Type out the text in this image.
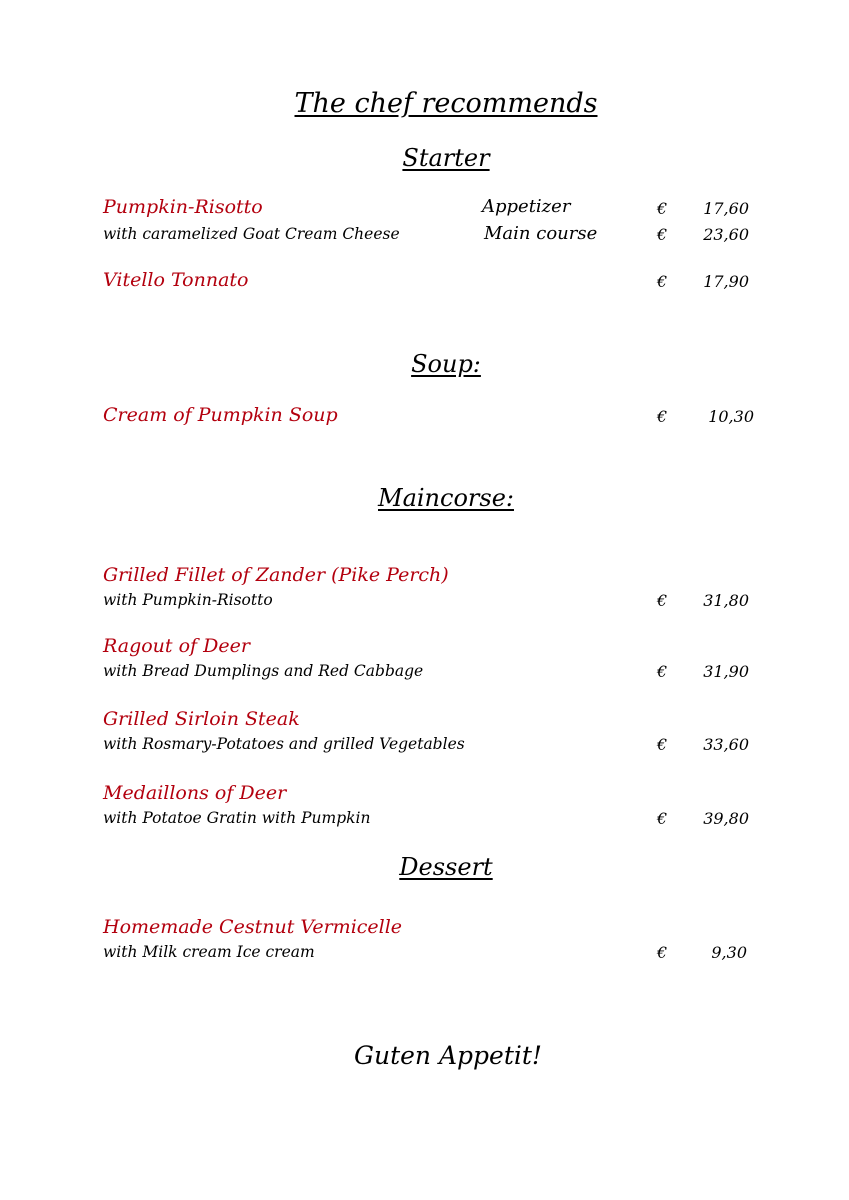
The chef recommends
Starter
Pumpkin-Risotto	Appetizer	€	17,60
with caramelized Goat Cream Cheese	Main course	€	23,60
Vitello Tonnato	€	17,90
Soup:
Cream of Pumpkin Soup	€	10,30
Maincorse:
Grilled Fillet of Zander (Pike Perch)
with Pumpkin-Risotto	€	31,80
Ragout of Deer
with Bread Dumplings and Red Cabbage	€	31,90
Grilled Sirloin Steak
with Rosmary-Potatoes and grilled Vegetables	€	33,60
Medaillons of Deer
with Potatoe Gratin with Pumpkin	€	39,80
Dessert
Homemade Cestnut Vermicelle
with Milk cream Ice cream	€	9,30
Guten Appetit!
